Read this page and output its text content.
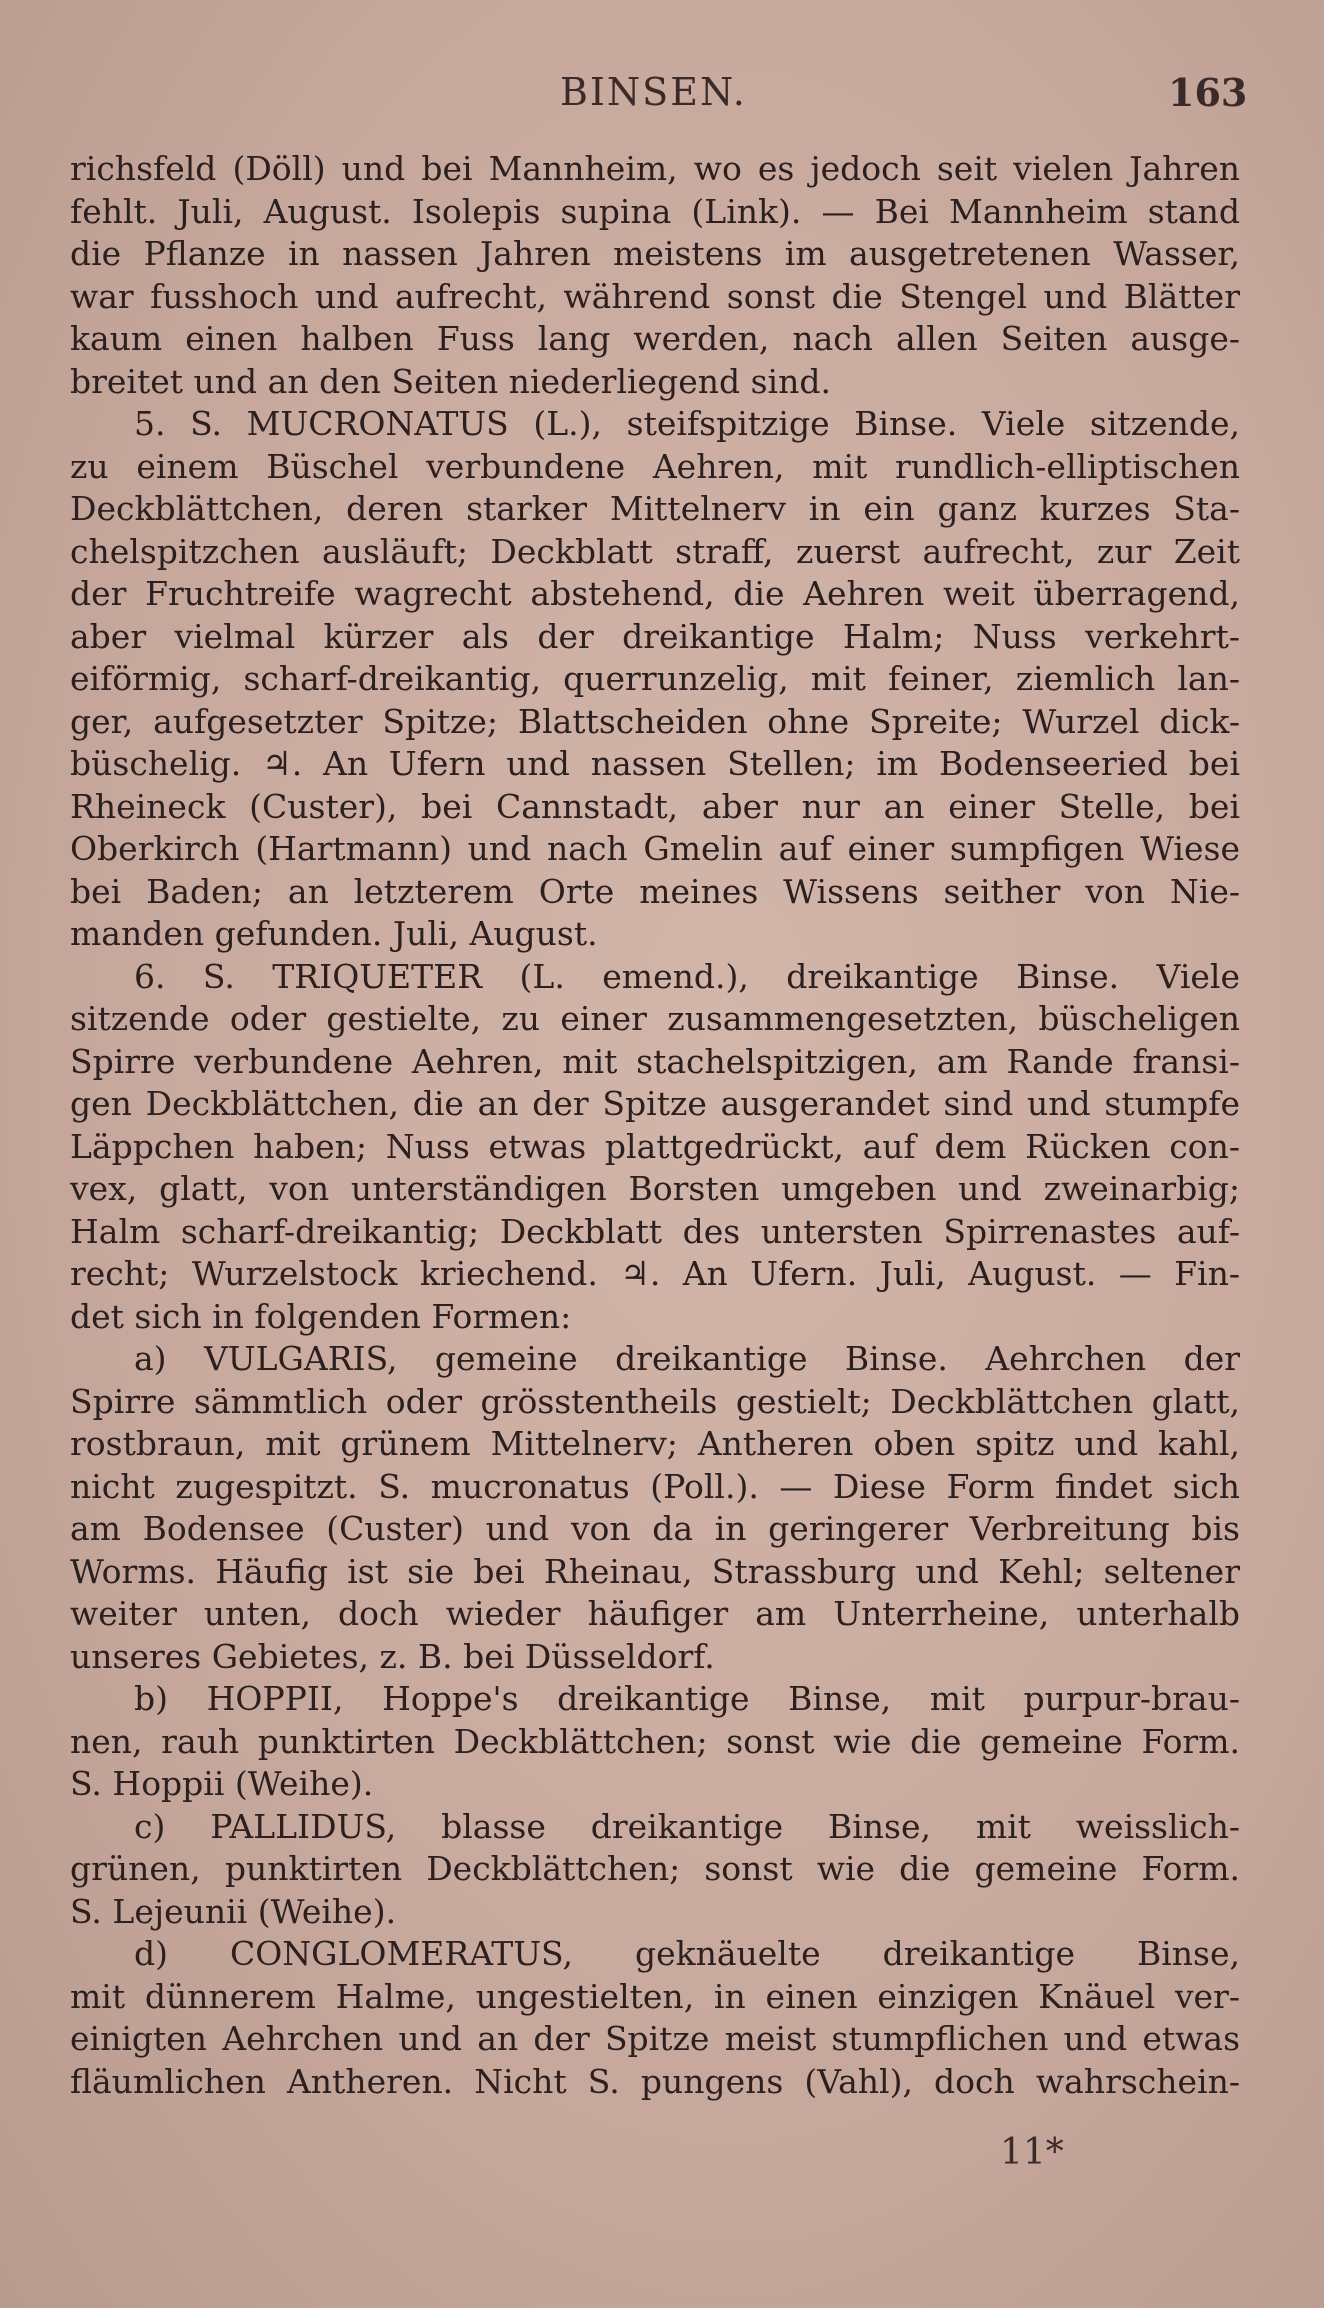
BINSEN.	163
richsfeld (Döll) und bei Mannheim, wo es jedoch seit vielen Jahren
fehlt. Juli, August. Isolepis supina (Link). — Bei Mannheim stand
die Pflanze in nassen Jahren meistens im ausgetretenen Wasser,
war fusshoch und aufrecht, während sonst die Stengel und Blätter
kaum einen halben Fuss lang werden, nach allen Seiten ausge-
breitet und an den Seiten niederliegend sind.
5. S. MUCRONATUS (L.), steifspitzige Binse. Viele sitzende,
zu einem Büschel verbundene Aehren, mit rundlich-elliptischen
Deckblättchen, deren starker Mittelnerv in ein ganz kurzes Sta-
chelspitzchen ausläuft; Deckblatt straff, zuerst aufrecht, zur Zeit
der Fruchtreife wagrecht abstehend, die Aehren weit überragend,
aber vielmal kürzer als der dreikantige Halm; Nuss verkehrt-
eiförmig, scharf-dreikantig, querrunzelig, mit feiner, ziemlich lan-
ger, aufgesetzter Spitze; Blattscheiden ohne Spreite; Wurzel dick-
büschelig. ♃. An Ufern und nassen Stellen; im Bodenseeried bei
Rheineck (Custer), bei Cannstadt, aber nur an einer Stelle, bei
Oberkirch (Hartmann) und nach Gmelin auf einer sumpfigen Wiese
bei Baden; an letzterem Orte meines Wissens seither von Nie-
manden gefunden. Juli, August.
6. S. TRIQUETER (L. emend.), dreikantige Binse. Viele
sitzende oder gestielte, zu einer zusammengesetzten, büscheligen
Spirre verbundene Aehren, mit stachelspitzigen, am Rande fransi-
gen Deckblättchen, die an der Spitze ausgerandet sind und stumpfe
Läppchen haben; Nuss etwas plattgedrückt, auf dem Rücken con-
vex, glatt, von unterständigen Borsten umgeben und zweinarbig;
Halm scharf-dreikantig; Deckblatt des untersten Spirrenastes auf-
recht; Wurzelstock kriechend. ♃. An Ufern. Juli, August. — Fin-
det sich in folgenden Formen:
a) VULGARIS, gemeine dreikantige Binse. Aehrchen der
Spirre sämmtlich oder grösstentheils gestielt; Deckblättchen glatt,
rostbraun, mit grünem Mittelnerv; Antheren oben spitz und kahl,
nicht zugespitzt. S. mucronatus (Poll.). — Diese Form findet sich
am Bodensee (Custer) und von da in geringerer Verbreitung bis
Worms. Häufig ist sie bei Rheinau, Strassburg und Kehl; seltener
weiter unten, doch wieder häufiger am Unterrheine, unterhalb
unseres Gebietes, z. B. bei Düsseldorf.
b) HOPPII, Hoppe's dreikantige Binse, mit purpur-brau-
nen, rauh punktirten Deckblättchen; sonst wie die gemeine Form.
S. Hoppii (Weihe).
c) PALLIDUS, blasse dreikantige Binse, mit weisslich-
grünen, punktirten Deckblättchen; sonst wie die gemeine Form.
S. Lejeunii (Weihe).
d) CONGLOMERATUS, geknäuelte dreikantige Binse,
mit dünnerem Halme, ungestielten, in einen einzigen Knäuel ver-
einigten Aehrchen und an der Spitze meist stumpflichen und etwas
fläumlichen Antheren. Nicht S. pungens (Vahl), doch wahrschein-
11*
